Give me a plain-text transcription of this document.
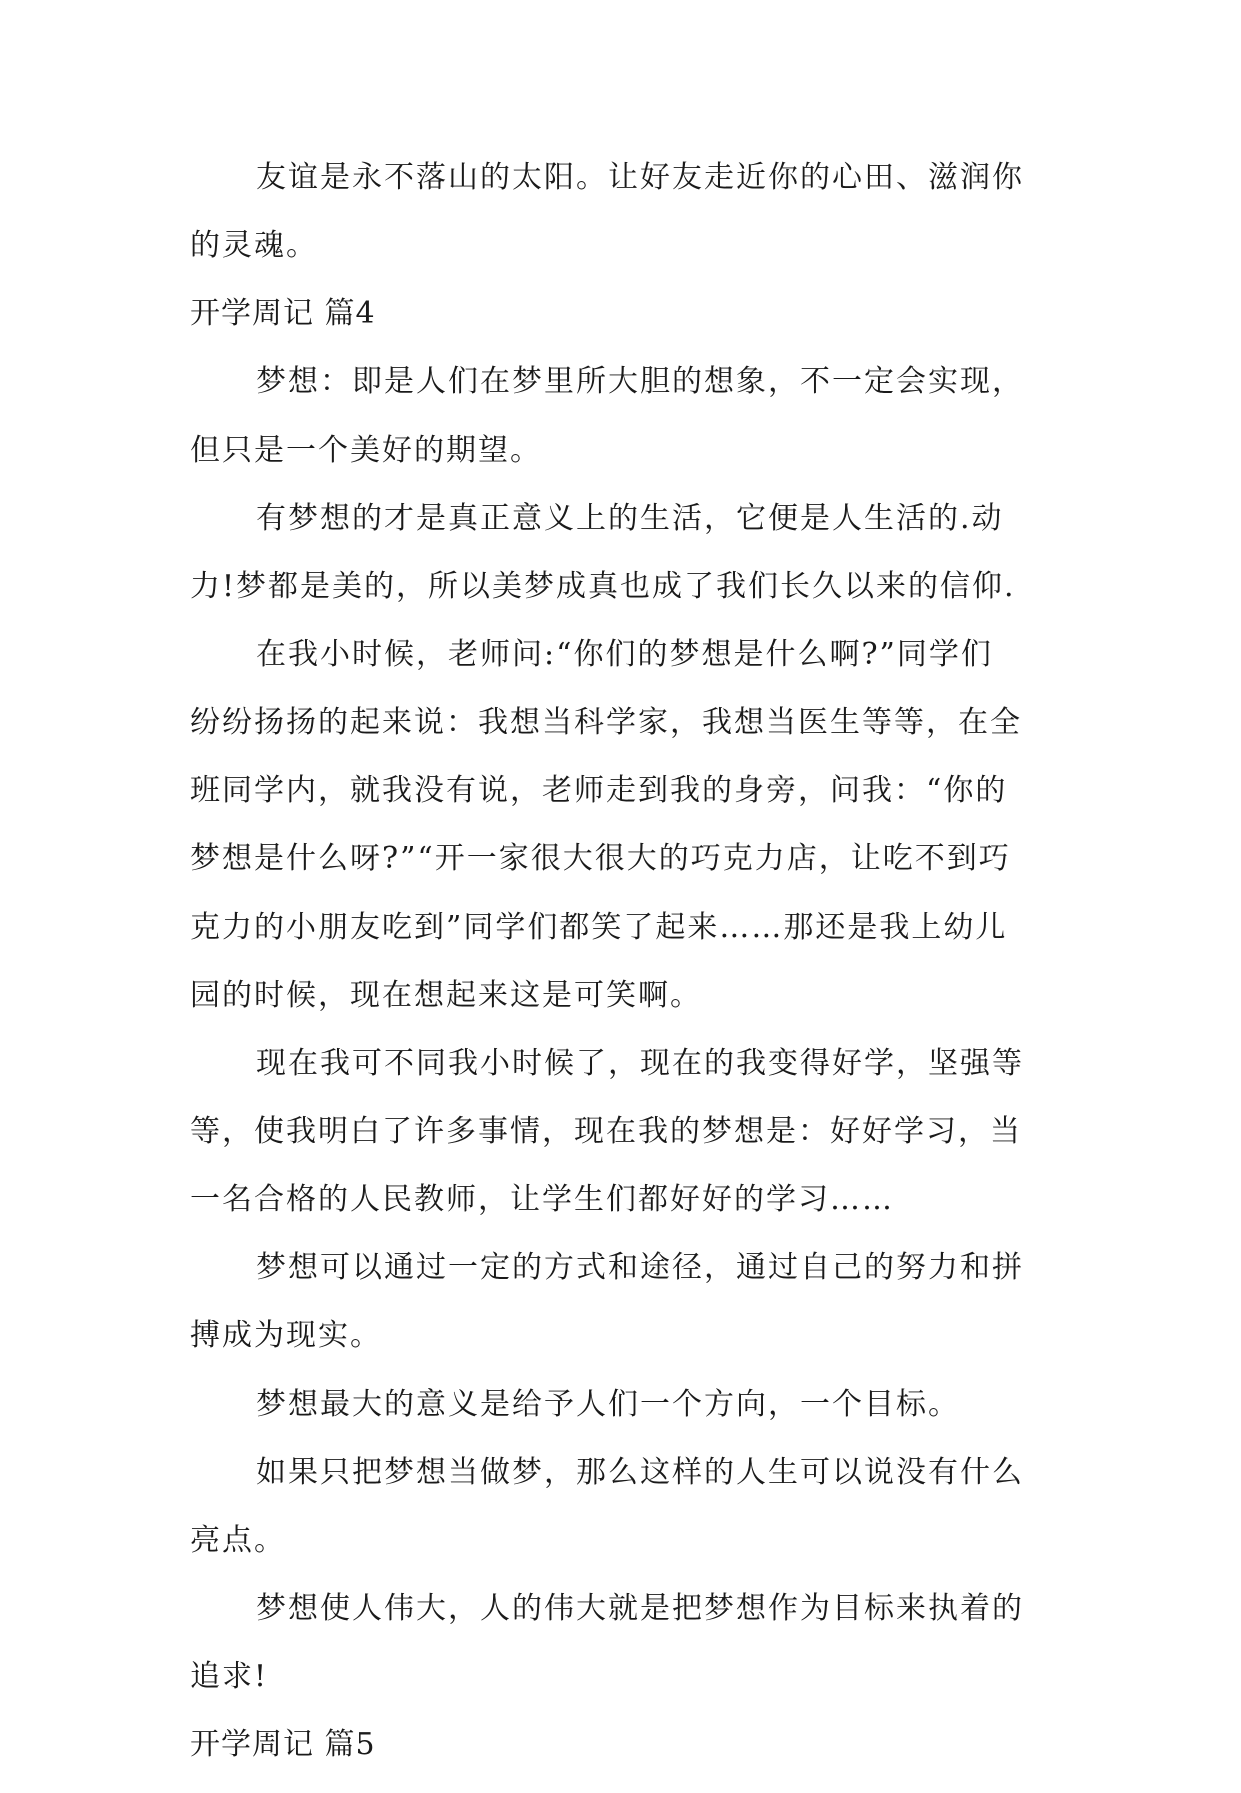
友谊是永不落山的太阳。让好友走近你的心田、滋润你
的灵魂。
开学周记 篇4
梦想：即是人们在梦里所大胆的想象，不一定会实现，
但只是一个美好的期望。
有梦想的才是真正意义上的生活，它便是人生活的.动
力!梦都是美的，所以美梦成真也成了我们长久以来的信仰.
在我小时候，老师问:“你们的梦想是什么啊?”同学们
纷纷扬扬的起来说：我想当科学家，我想当医生等等，在全
班同学内，就我没有说，老师走到我的身旁，问我：“你的
梦想是什么呀?”“开一家很大很大的巧克力店，让吃不到巧
克力的小朋友吃到”同学们都笑了起来……那还是我上幼儿
园的时候，现在想起来这是可笑啊。
现在我可不同我小时候了，现在的我变得好学，坚强等
等，使我明白了许多事情，现在我的梦想是：好好学习，当
一名合格的人民教师，让学生们都好好的学习……
梦想可以通过一定的方式和途径，通过自己的努力和拼
搏成为现实。
梦想最大的意义是给予人们一个方向，一个目标。
如果只把梦想当做梦，那么这样的人生可以说没有什么
亮点。
梦想使人伟大，人的伟大就是把梦想作为目标来执着的
追求!
开学周记 篇5
